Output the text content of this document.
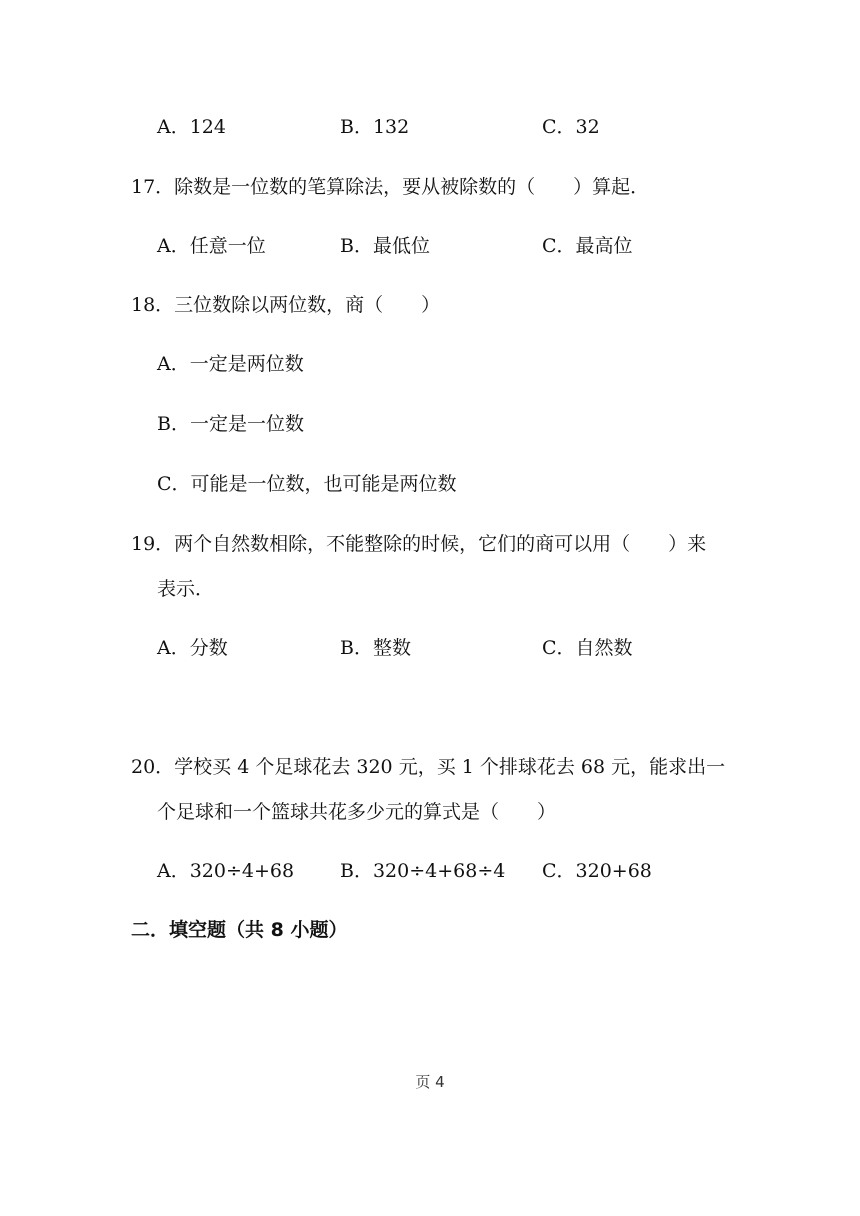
A．124	B．132	C．32
17．除数是一位数的笔算除法，要从被除数的（　　）算起．
A．任意一位	B．最低位	C．最高位
18．三位数除以两位数，商（　　）
A．一定是两位数
B．一定是一位数
C．可能是一位数，也可能是两位数
19．两个自然数相除，不能整除的时候，它们的商可以用（　　）来
表示．
A．分数	B．整数	C．自然数
20．学校买 4 个足球花去 320 元，买 1 个排球花去 68 元，能求出一
个足球和一个篮球共花多少元的算式是（　　）
A．320÷4+68 B．320÷4+68÷4 C．320+68
二．填空题（共 8 小题）
页 4
